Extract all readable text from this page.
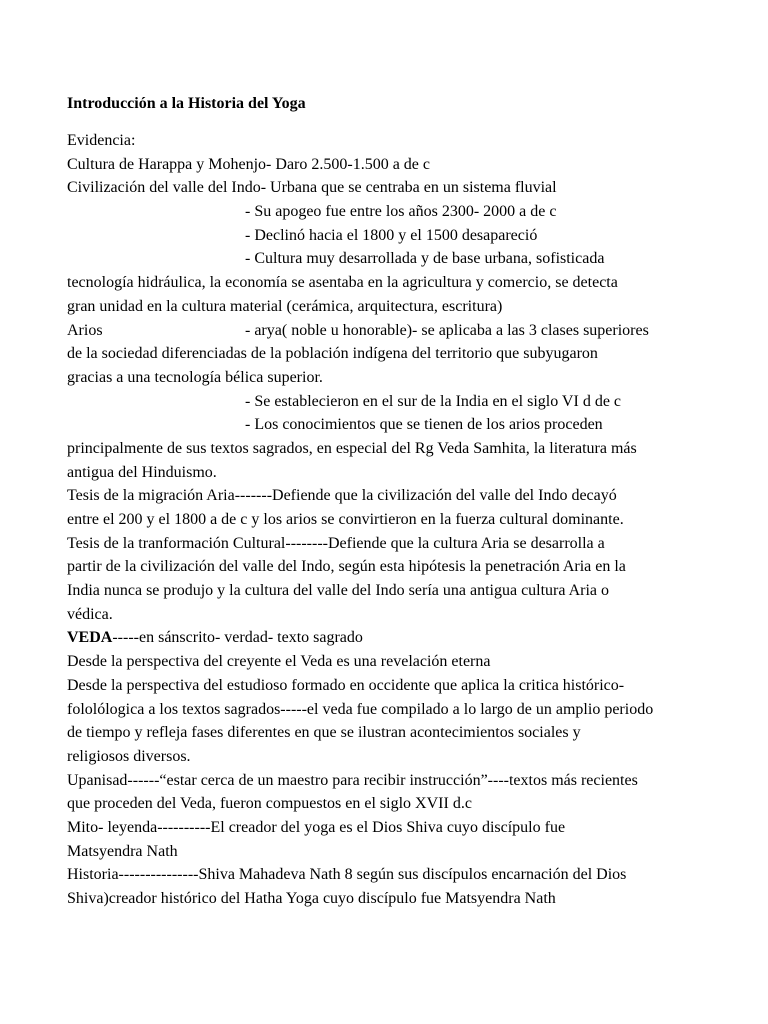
Introducción a la Historia del Yoga
Evidencia:
Cultura de Harappa y Mohenjo- Daro 2.500-1.500 a de c
Civilización del valle del Indo- Urbana que se centraba en un sistema fluvial
- Su apogeo fue entre los años 2300- 2000 a de c
- Declinó hacia el 1800 y el 1500 desapareció
- Cultura muy desarrollada y de base urbana, sofisticada
tecnología hidráulica, la economía se asentaba en la agricultura y comercio, se detecta
gran unidad en la cultura material (cerámica, arquitectura, escritura)
Arios	- arya( noble u honorable)- se aplicaba a las 3 clases superiores
de la sociedad diferenciadas de la población indígena del territorio que subyugaron
gracias a una tecnología bélica superior.
- Se establecieron en el sur de la India en el siglo VI d de c
- Los conocimientos que se tienen de los arios proceden
principalmente de sus textos sagrados, en especial del Rg Veda Samhita, la literatura más
antigua del Hinduismo.
Tesis de la migración Aria-------Defiende que la civilización del valle del Indo decayó
entre el 200 y el 1800 a de c y los arios se convirtieron en la fuerza cultural dominante.
Tesis de la tranformación Cultural--------Defiende que la cultura Aria se desarrolla a
partir de la civilización del valle del Indo, según esta hipótesis la penetración Aria en la
India nunca se produjo y la cultura del valle del Indo sería una antigua cultura Aria o
védica.
VEDA-----en sánscrito- verdad- texto sagrado
Desde la perspectiva del creyente el Veda es una revelación eterna
Desde la perspectiva del estudioso formado en occidente que aplica la critica histórico-
fololólogica a los textos sagrados-----el veda fue compilado a lo largo de un amplio periodo
de tiempo y refleja fases diferentes en que se ilustran acontecimientos sociales y
religiosos diversos.
Upanisad------“estar cerca de un maestro para recibir instrucción”----textos más recientes
que proceden del Veda, fueron compuestos en el siglo XVII d.c
Mito- leyenda----------El creador del yoga es el Dios Shiva cuyo discípulo fue
Matsyendra Nath
Historia---------------Shiva Mahadeva Nath 8 según sus discípulos encarnación del Dios
Shiva)creador histórico del Hatha Yoga cuyo discípulo fue Matsyendra Nath
